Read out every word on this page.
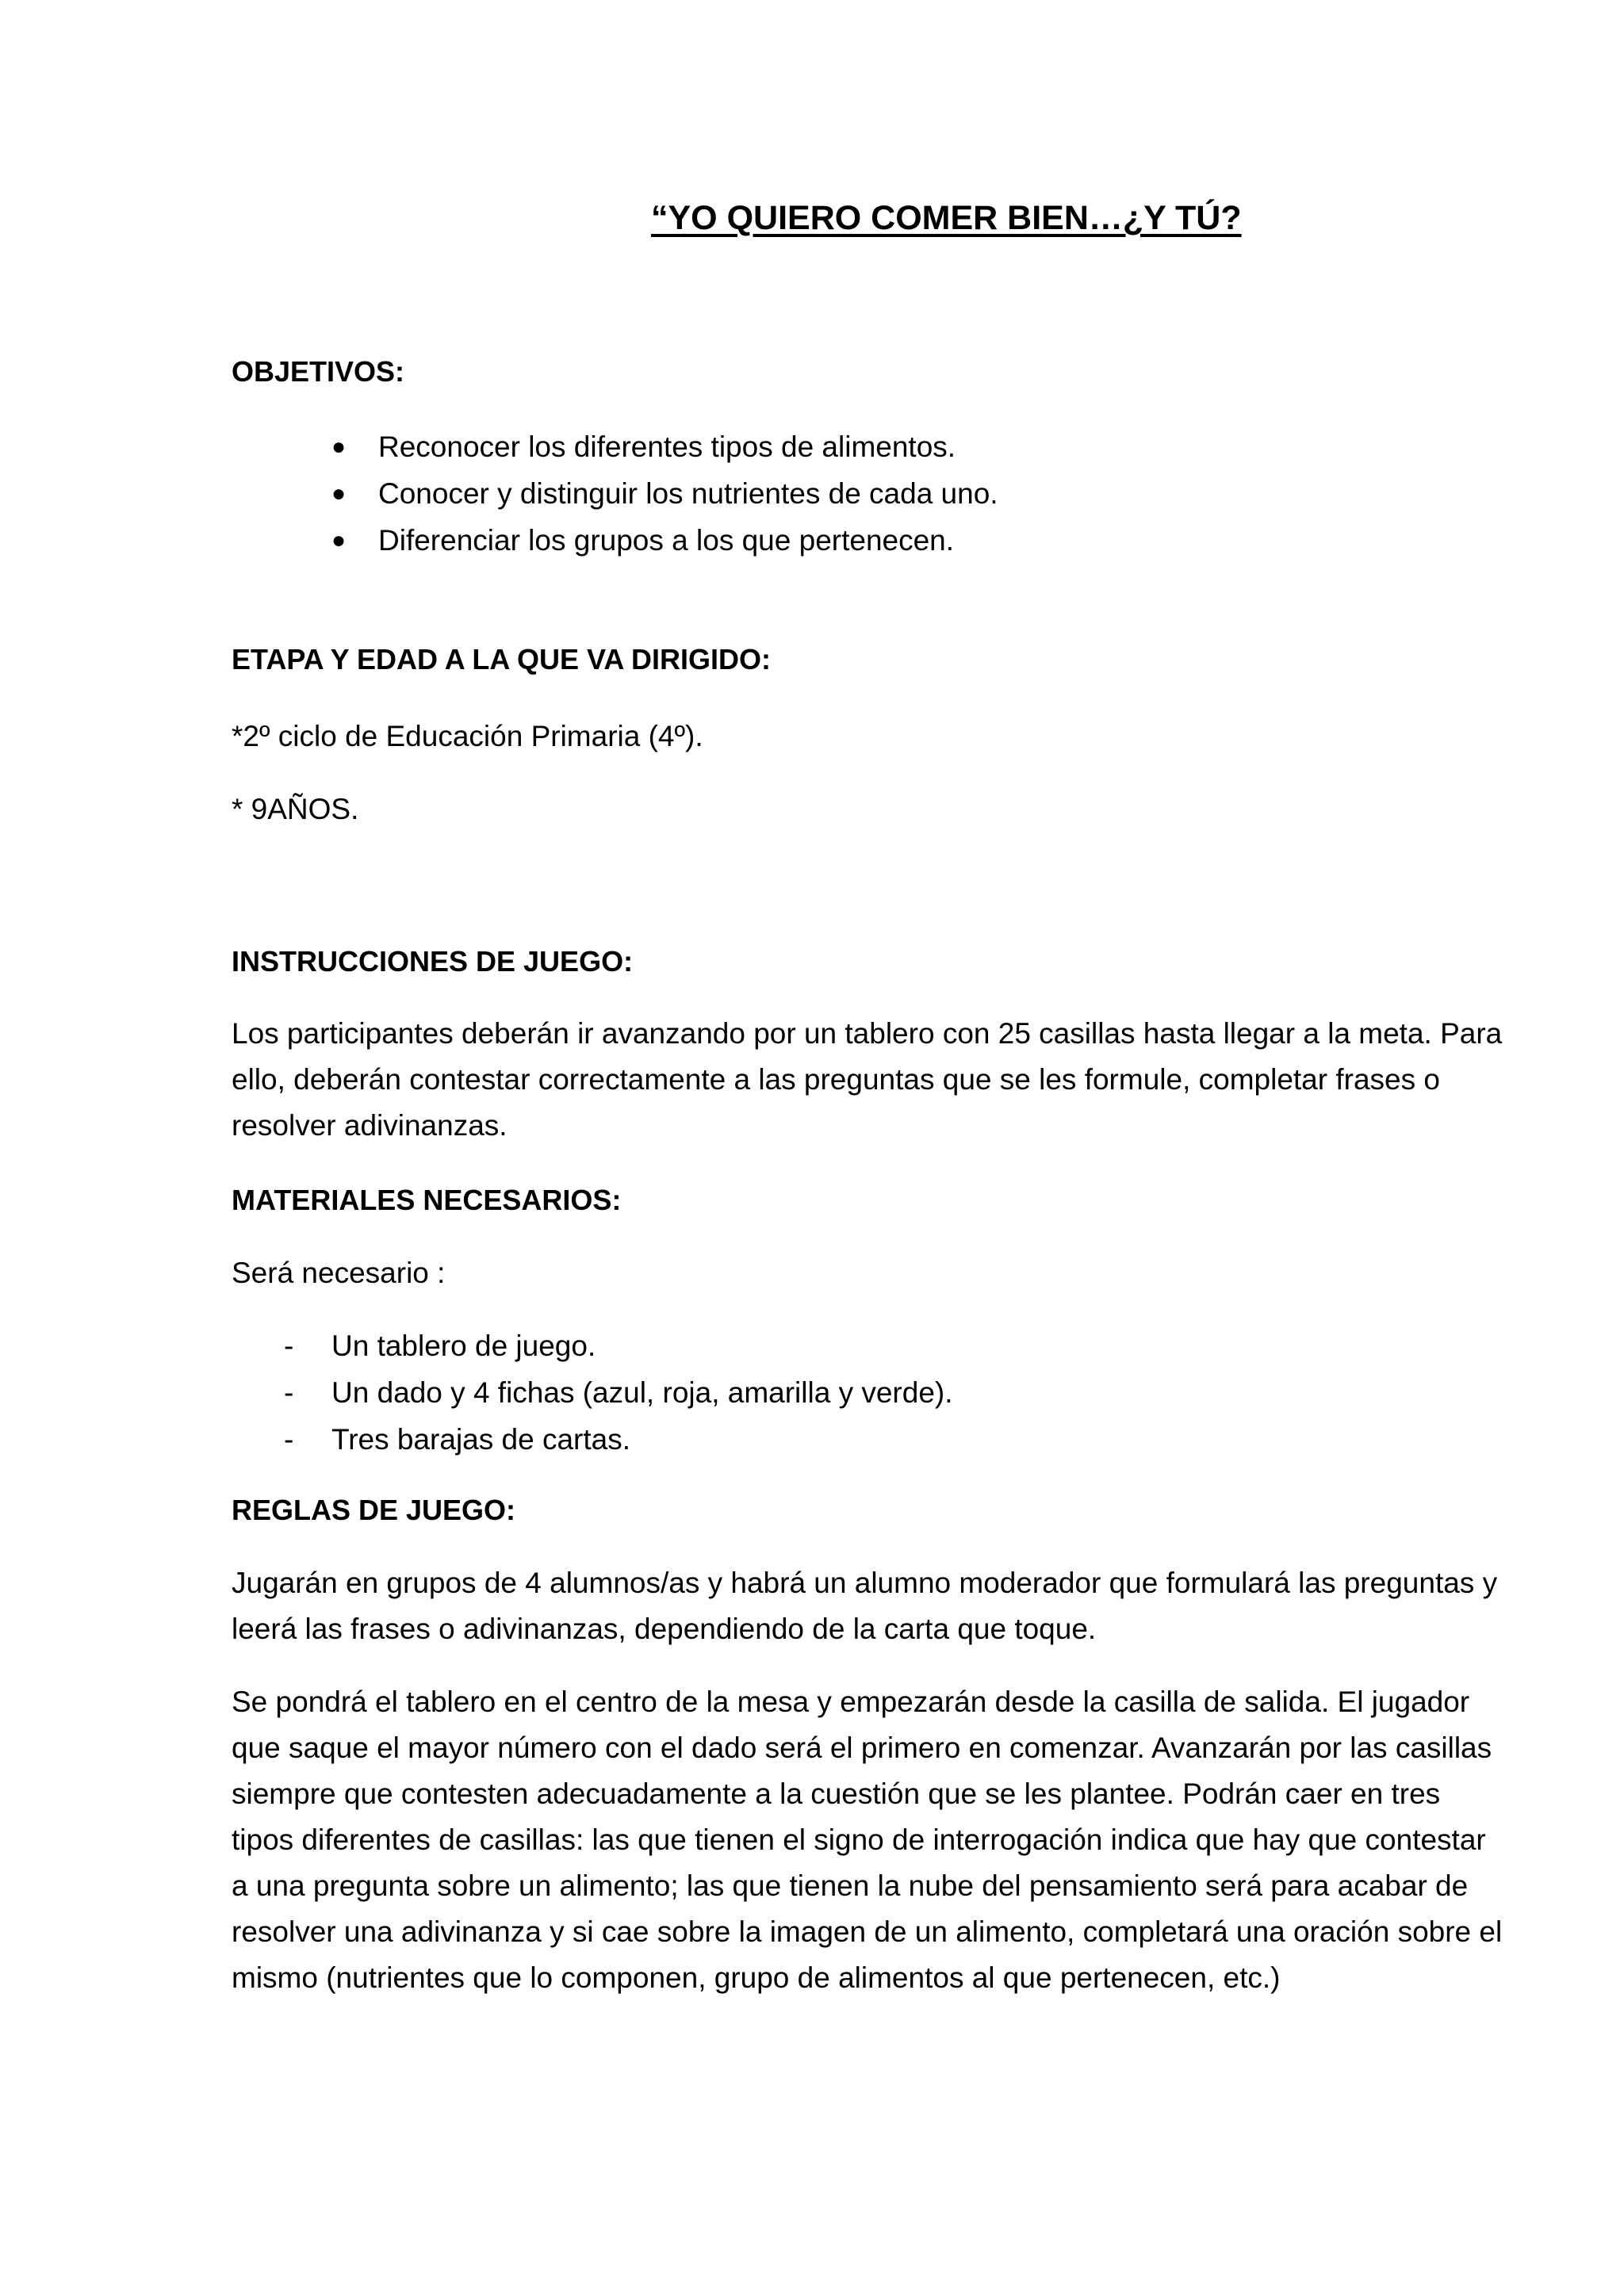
“YO QUIERO COMER BIEN…¿Y TÚ?

OBJETIVOS:

● Reconocer los diferentes tipos de alimentos.
● Conocer y distinguir los nutrientes de cada uno.
● Diferenciar los grupos a los que pertenecen.

ETAPA Y EDAD A LA QUE VA DIRIGIDO:

*2º ciclo de Educación Primaria (4º).

* 9AÑOS.

INSTRUCCIONES DE JUEGO:

Los participantes deberán ir avanzando por un tablero con 25 casillas hasta llegar a la meta. Para

ello, deberán contestar correctamente a las preguntas que se les formule, completar frases o

resolver adivinanzas.

MATERIALES NECESARIOS:

Será necesario :

- Un tablero de juego.
- Un dado y 4 fichas (azul, roja, amarilla y verde).
- Tres barajas de cartas.

REGLAS DE JUEGO:

Jugarán en grupos de 4 alumnos/as y habrá un alumno moderador que formulará las preguntas y

leerá las frases o adivinanzas, dependiendo de la carta que toque.

Se pondrá el tablero en el centro de la mesa y empezarán desde la casilla de salida. El jugador

que saque el mayor número con el dado será el primero en comenzar. Avanzarán por las casillas

siempre que contesten adecuadamente a la cuestión que se les plantee. Podrán caer en tres

tipos diferentes de casillas: las que tienen el signo de interrogación indica que hay que contestar

a una pregunta sobre un alimento; las que tienen la nube del pensamiento será para acabar de

resolver una adivinanza y si cae sobre la imagen de un alimento, completará una oración sobre el

mismo (nutrientes que lo componen, grupo de alimentos al que pertenecen, etc.)
